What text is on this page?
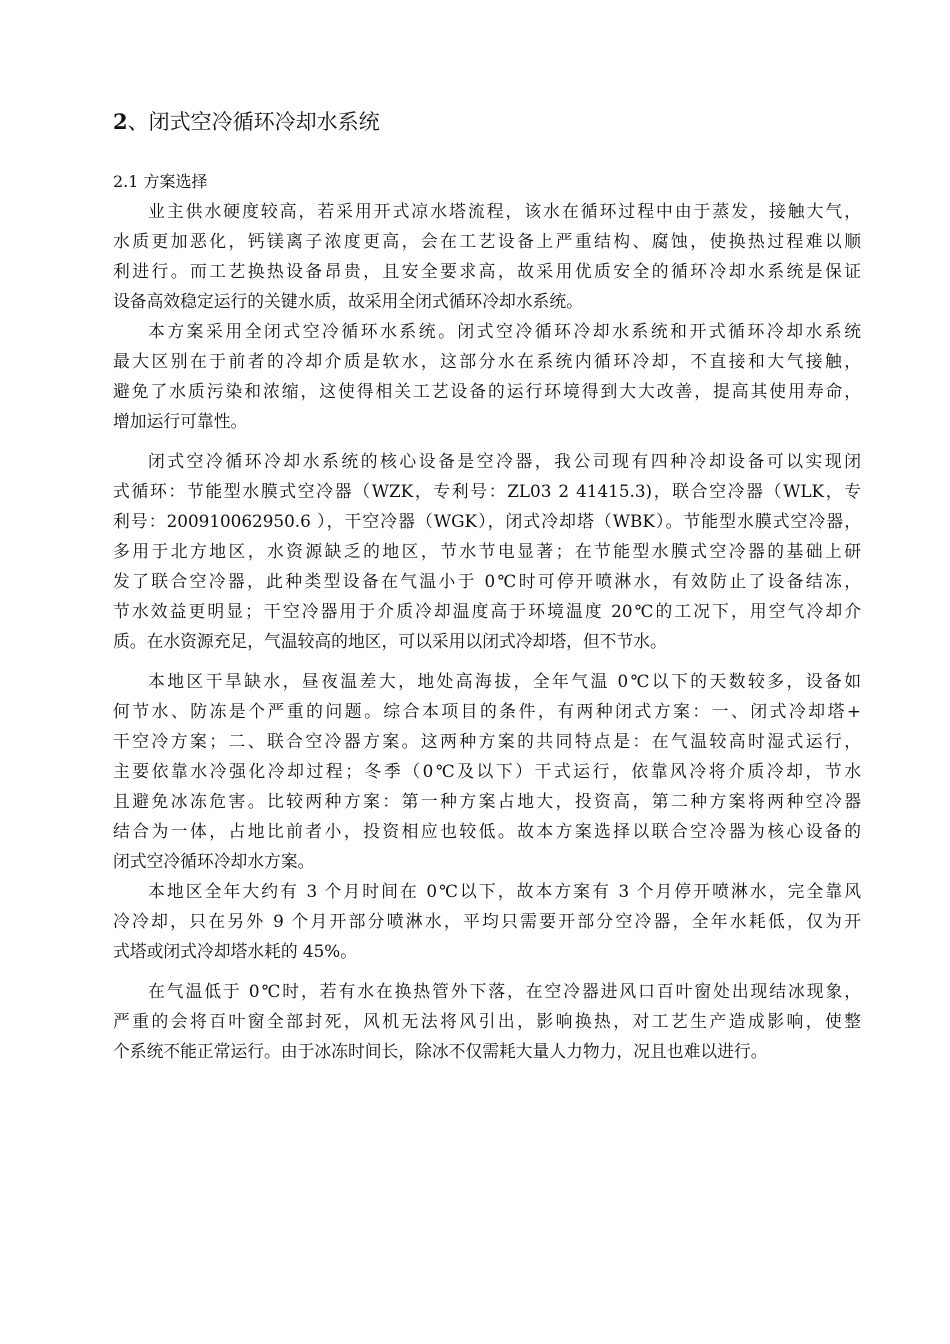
2、闭式空冷循环冷却水系统
2.1 方案选择
业主供水硬度较高，若采用开式凉水塔流程，该水在循环过程中由于蒸发，接触大气，
水质更加恶化，钙镁离子浓度更高，会在工艺设备上严重结构、腐蚀，使换热过程难以顺
利进行。而工艺换热设备昂贵，且安全要求高，故采用优质安全的循环冷却水系统是保证
设备高效稳定运行的关键水质，故采用全闭式循环冷却水系统。
本方案采用全闭式空冷循环水系统。闭式空冷循环冷却水系统和开式循环冷却水系统
最大区别在于前者的冷却介质是软水，这部分水在系统内循环冷却，不直接和大气接触，
避免了水质污染和浓缩，这使得相关工艺设备的运行环境得到大大改善，提高其使用寿命，
增加运行可靠性。
闭式空冷循环冷却水系统的核心设备是空冷器，我公司现有四种冷却设备可以实现闭
式循环：节能型水膜式空冷器（WZK，专利号：ZL03 2 41415.3)，联合空冷器（WLK，专
利号：200910062950.6 ），干空冷器（WGK），闭式冷却塔（WBK）。节能型水膜式空冷器，
多用于北方地区，水资源缺乏的地区，节水节电显著；在节能型水膜式空冷器的基础上研
发了联合空冷器，此种类型设备在气温小于 0℃时可停开喷淋水，有效防止了设备结冻，
节水效益更明显；干空冷器用于介质冷却温度高于环境温度 20℃的工况下，用空气冷却介
质。在水资源充足，气温较高的地区，可以采用以闭式冷却塔，但不节水。
本地区干旱缺水，昼夜温差大，地处高海拔，全年气温 0℃以下的天数较多，设备如
何节水、防冻是个严重的问题。综合本项目的条件，有两种闭式方案：一、闭式冷却塔+
干空冷方案；二、联合空冷器方案。这两种方案的共同特点是：在气温较高时湿式运行，
主要依靠水冷强化冷却过程；冬季（0℃及以下）干式运行，依靠风冷将介质冷却，节水
且避免冰冻危害。比较两种方案：第一种方案占地大，投资高，第二种方案将两种空冷器
结合为一体，占地比前者小，投资相应也较低。故本方案选择以联合空冷器为核心设备的
闭式空冷循环冷却水方案。
本地区全年大约有 3 个月时间在 0℃以下，故本方案有 3 个月停开喷淋水，完全靠风
冷冷却，只在另外 9 个月开部分喷淋水，平均只需要开部分空冷器，全年水耗低，仅为开
式塔或闭式冷却塔水耗的 45%。
在气温低于 0℃时，若有水在换热管外下落，在空冷器进风口百叶窗处出现结冰现象，
严重的会将百叶窗全部封死，风机无法将风引出，影响换热，对工艺生产造成影响，使整
个系统不能正常运行。由于冰冻时间长，除冰不仅需耗大量人力物力，况且也难以进行。
